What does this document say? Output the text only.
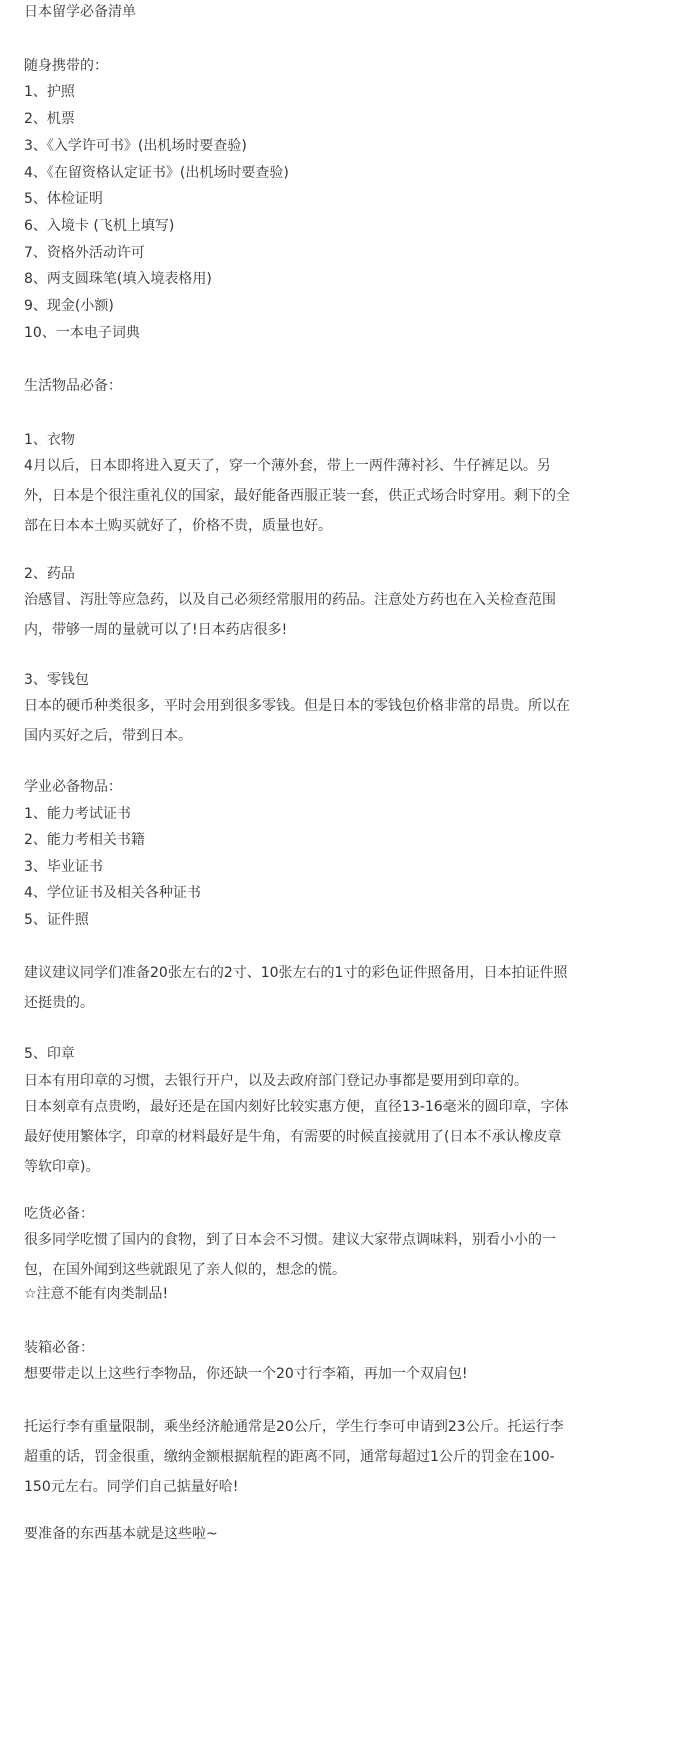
日本留学必备清单
随身携带的：
1、护照
2、机票
3、《入学许可书》(出机场时要查验)
4、《在留资格认定证书》(出机场时要查验)
5、体检证明
6、入境卡 (飞机上填写)
7、资格外活动许可
8、两支圆珠笔(填入境表格用)
9、现金(小额)
10、一本电子词典
生活物品必备：
1、衣物
4月以后，日本即将进入夏天了，穿一个薄外套，带上一两件薄衬衫、牛仔裤足以。另
外，日本是个很注重礼仪的国家，最好能备西服正装一套，供正式场合时穿用。剩下的全
部在日本本土购买就好了，价格不贵，质量也好。
2、药品
治感冒、泻肚等应急药，以及自己必须经常服用的药品。注意处方药也在入关检查范围
内，带够一周的量就可以了!日本药店很多!
3、零钱包
日本的硬币种类很多，平时会用到很多零钱。但是日本的零钱包价格非常的昂贵。所以在
国内买好之后，带到日本。
学业必备物品：
1、能力考试证书
2、能力考相关书籍
3、毕业证书
4、学位证书及相关各种证书
5、证件照
建议建议同学们准备20张左右的2寸、10张左右的1寸的彩色证件照备用，日本拍证件照
还挺贵的。
5、印章
日本有用印章的习惯，去银行开户，以及去政府部门登记办事都是要用到印章的。
日本刻章有点贵哟，最好还是在国内刻好比较实惠方便，直径13-16毫米的圆印章，字体
最好使用繁体字，印章的材料最好是牛角，有需要的时候直接就用了(日本不承认橡皮章
等软印章)。
吃货必备：
很多同学吃惯了国内的食物，到了日本会不习惯。建议大家带点调味料，别看小小的一
包，在国外闻到这些就跟见了亲人似的，想念的慌。
☆注意不能有肉类制品!
装箱必备：
想要带走以上这些行李物品，你还缺一个20寸行李箱，再加一个双肩包!
托运行李有重量限制，乘坐经济舱通常是20公斤，学生行李可申请到23公斤。托运行李
超重的话，罚金很重，缴纳金额根据航程的距离不同，通常每超过1公斤的罚金在100-
150元左右。同学们自己掂量好哈!
要准备的东西基本就是这些啦~
